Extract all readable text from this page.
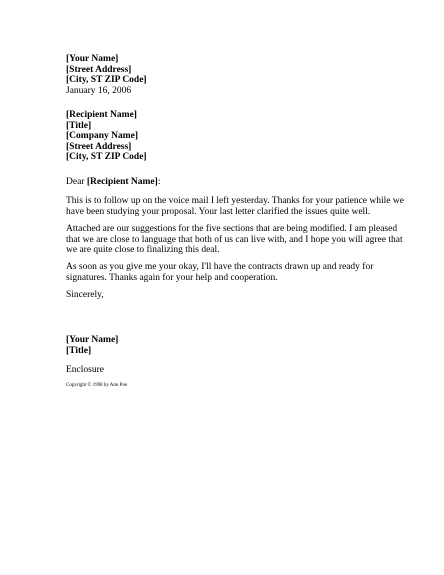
[Your Name]
[Street Address]
[City, ST ZIP Code]
January 16, 2006
[Recipient Name]
[Title]
[Company Name]
[Street Address]
[City, ST ZIP Code]
Dear [Recipient Name]:
This is to follow up on the voice mail I left yesterday. Thanks for your patience while we
have been studying your proposal. Your last letter clarified the issues quite well.
Attached are our suggestions for the five sections that are being modified. I am pleased
that we are close to language that both of us can live with, and I hope you will agree that
we are quite close to finalizing this deal.
As soon as you give me your okay, I'll have the contracts drawn up and ready for
signatures. Thanks again for your help and cooperation.
Sincerely,
[Your Name]
[Title]
Enclosure
Copyright © 1998 by Ann Poe
